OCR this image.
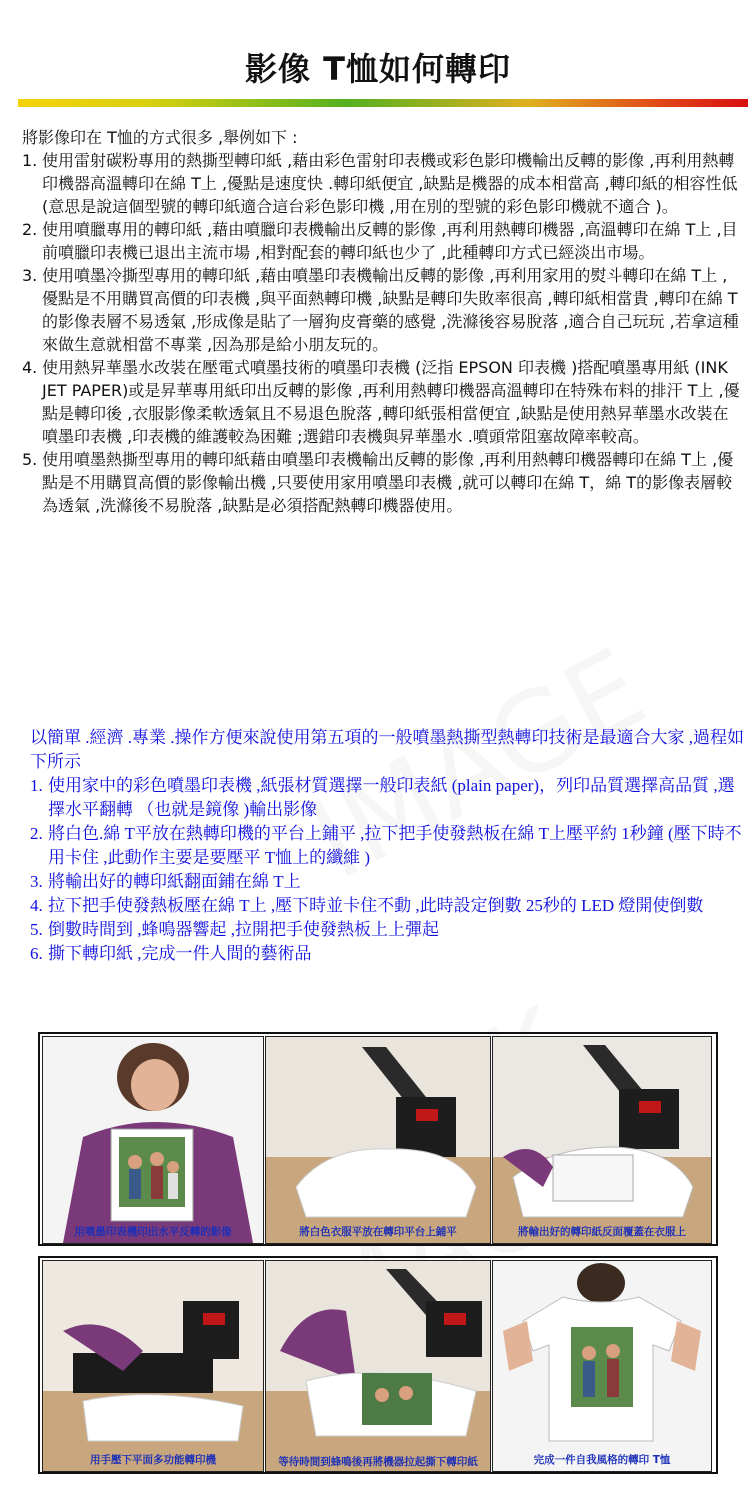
影像 T恤如何轉印

將影像印在 T恤的方式很多 ,舉例如下 :

1. 使用雷射碳粉專用的熱撕型轉印紙 ,藉由彩色雷射印表機或彩色影印機輸出反轉的影像 ,再利用熱轉印機器高溫轉印在綿 T上 ,優點是速度快 .轉印紙便宜 ,缺點是機器的成本相當高 ,轉印紙的相容性低 (意思是說這個型號的轉印紙適合這台彩色影印機 ,用在別的型號的彩色影印機就不適合 )。

2. 使用噴臘專用的轉印紙 ,藉由噴臘印表機輸出反轉的影像 ,再利用熱轉印機器 ,高溫轉印在綿 T上 ,目前噴臘印表機已退出主流市場 ,相對配套的轉印紙也少了 ,此種轉印方式已經淡出市場。

3. 使用噴墨冷撕型專用的轉印紙 ,藉由噴墨印表機輸出反轉的影像 ,再利用家用的熨斗轉印在綿 T上 ,優點是不用購買高價的印表機 ,與平面熱轉印機 ,缺點是轉印失敗率很高 ,轉印紙相當貴 ,轉印在綿 T的影像表層不易透氣 ,形成像是貼了一層狗皮膏藥的感覺 ,洗滌後容易脫落 ,適合自己玩玩 ,若拿這種來做生意就相當不專業 ,因為那是給小朋友玩的。

4. 使用熱昇華墨水改裝在壓電式噴墨技術的噴墨印表機 (泛指 EPSON 印表機 )搭配噴墨專用紙 (INK JET PAPER)或是昇華專用紙印出反轉的影像 ,再利用熱轉印機器高溫轉印在特殊布料的排汗 T上 ,優點是轉印後 ,衣服影像柔軟透氣且不易退色脫落 ,轉印紙張相當便宜 ,缺點是使用熱昇華墨水改裝在噴墨印表機 ,印表機的維護較為困難 ;選錯印表機與昇華墨水 .噴頭常阻塞故障率較高。

5. 使用噴墨熱撕型專用的轉印紙藉由噴墨印表機輸出反轉的影像 ,再利用熱轉印機器轉印在綿 T上 ,優點是不用購買高價的影像輸出機 ,只要使用家用噴墨印表機 ,就可以轉印在綿 T，綿 T的影像表層較為透氣 ,洗滌後不易脫落 ,缺點是必須搭配熱轉印機器使用。

以簡單 .經濟 .專業 .操作方便來說使用第五項的一般噴墨熱撕型熱轉印技術是最適合大家 ,過程如下所示

1. 使用家中的彩色噴墨印表機 ,紙張材質選擇一般印表紙 (plain paper)，列印品質選擇高品質 ,選擇水平翻轉 （也就是鏡像 )輸出影像

2. 將白色.綿 T平放在熱轉印機的平台上鋪平 ,拉下把手使發熱板在綿 T上壓平約 1秒鐘 (壓下時不用卡住 ,此動作主要是要壓平 T恤上的纖維 )

3. 將輸出好的轉印紙翻面鋪在綿 T上

4. 拉下把手使發熱板壓在綿 T上 ,壓下時並卡住不動 ,此時設定倒數 25秒的 LED 燈開使倒數

5. 倒數時間到 ,蜂鳴器響起 ,拉開把手使發熱板上上彈起

6. 撕下轉印紙 ,完成一件人間的藝術品

用噴墨印表機印出水平反轉的影像	將白色衣服平放在轉印平台上鋪平	將輸出好的轉印紙反面覆蓋在衣服上
用手壓下平面多功能轉印機	等待時間到蜂鳴後再將機器拉起撕下轉印紙	完成一件自我風格的轉印 T恤
